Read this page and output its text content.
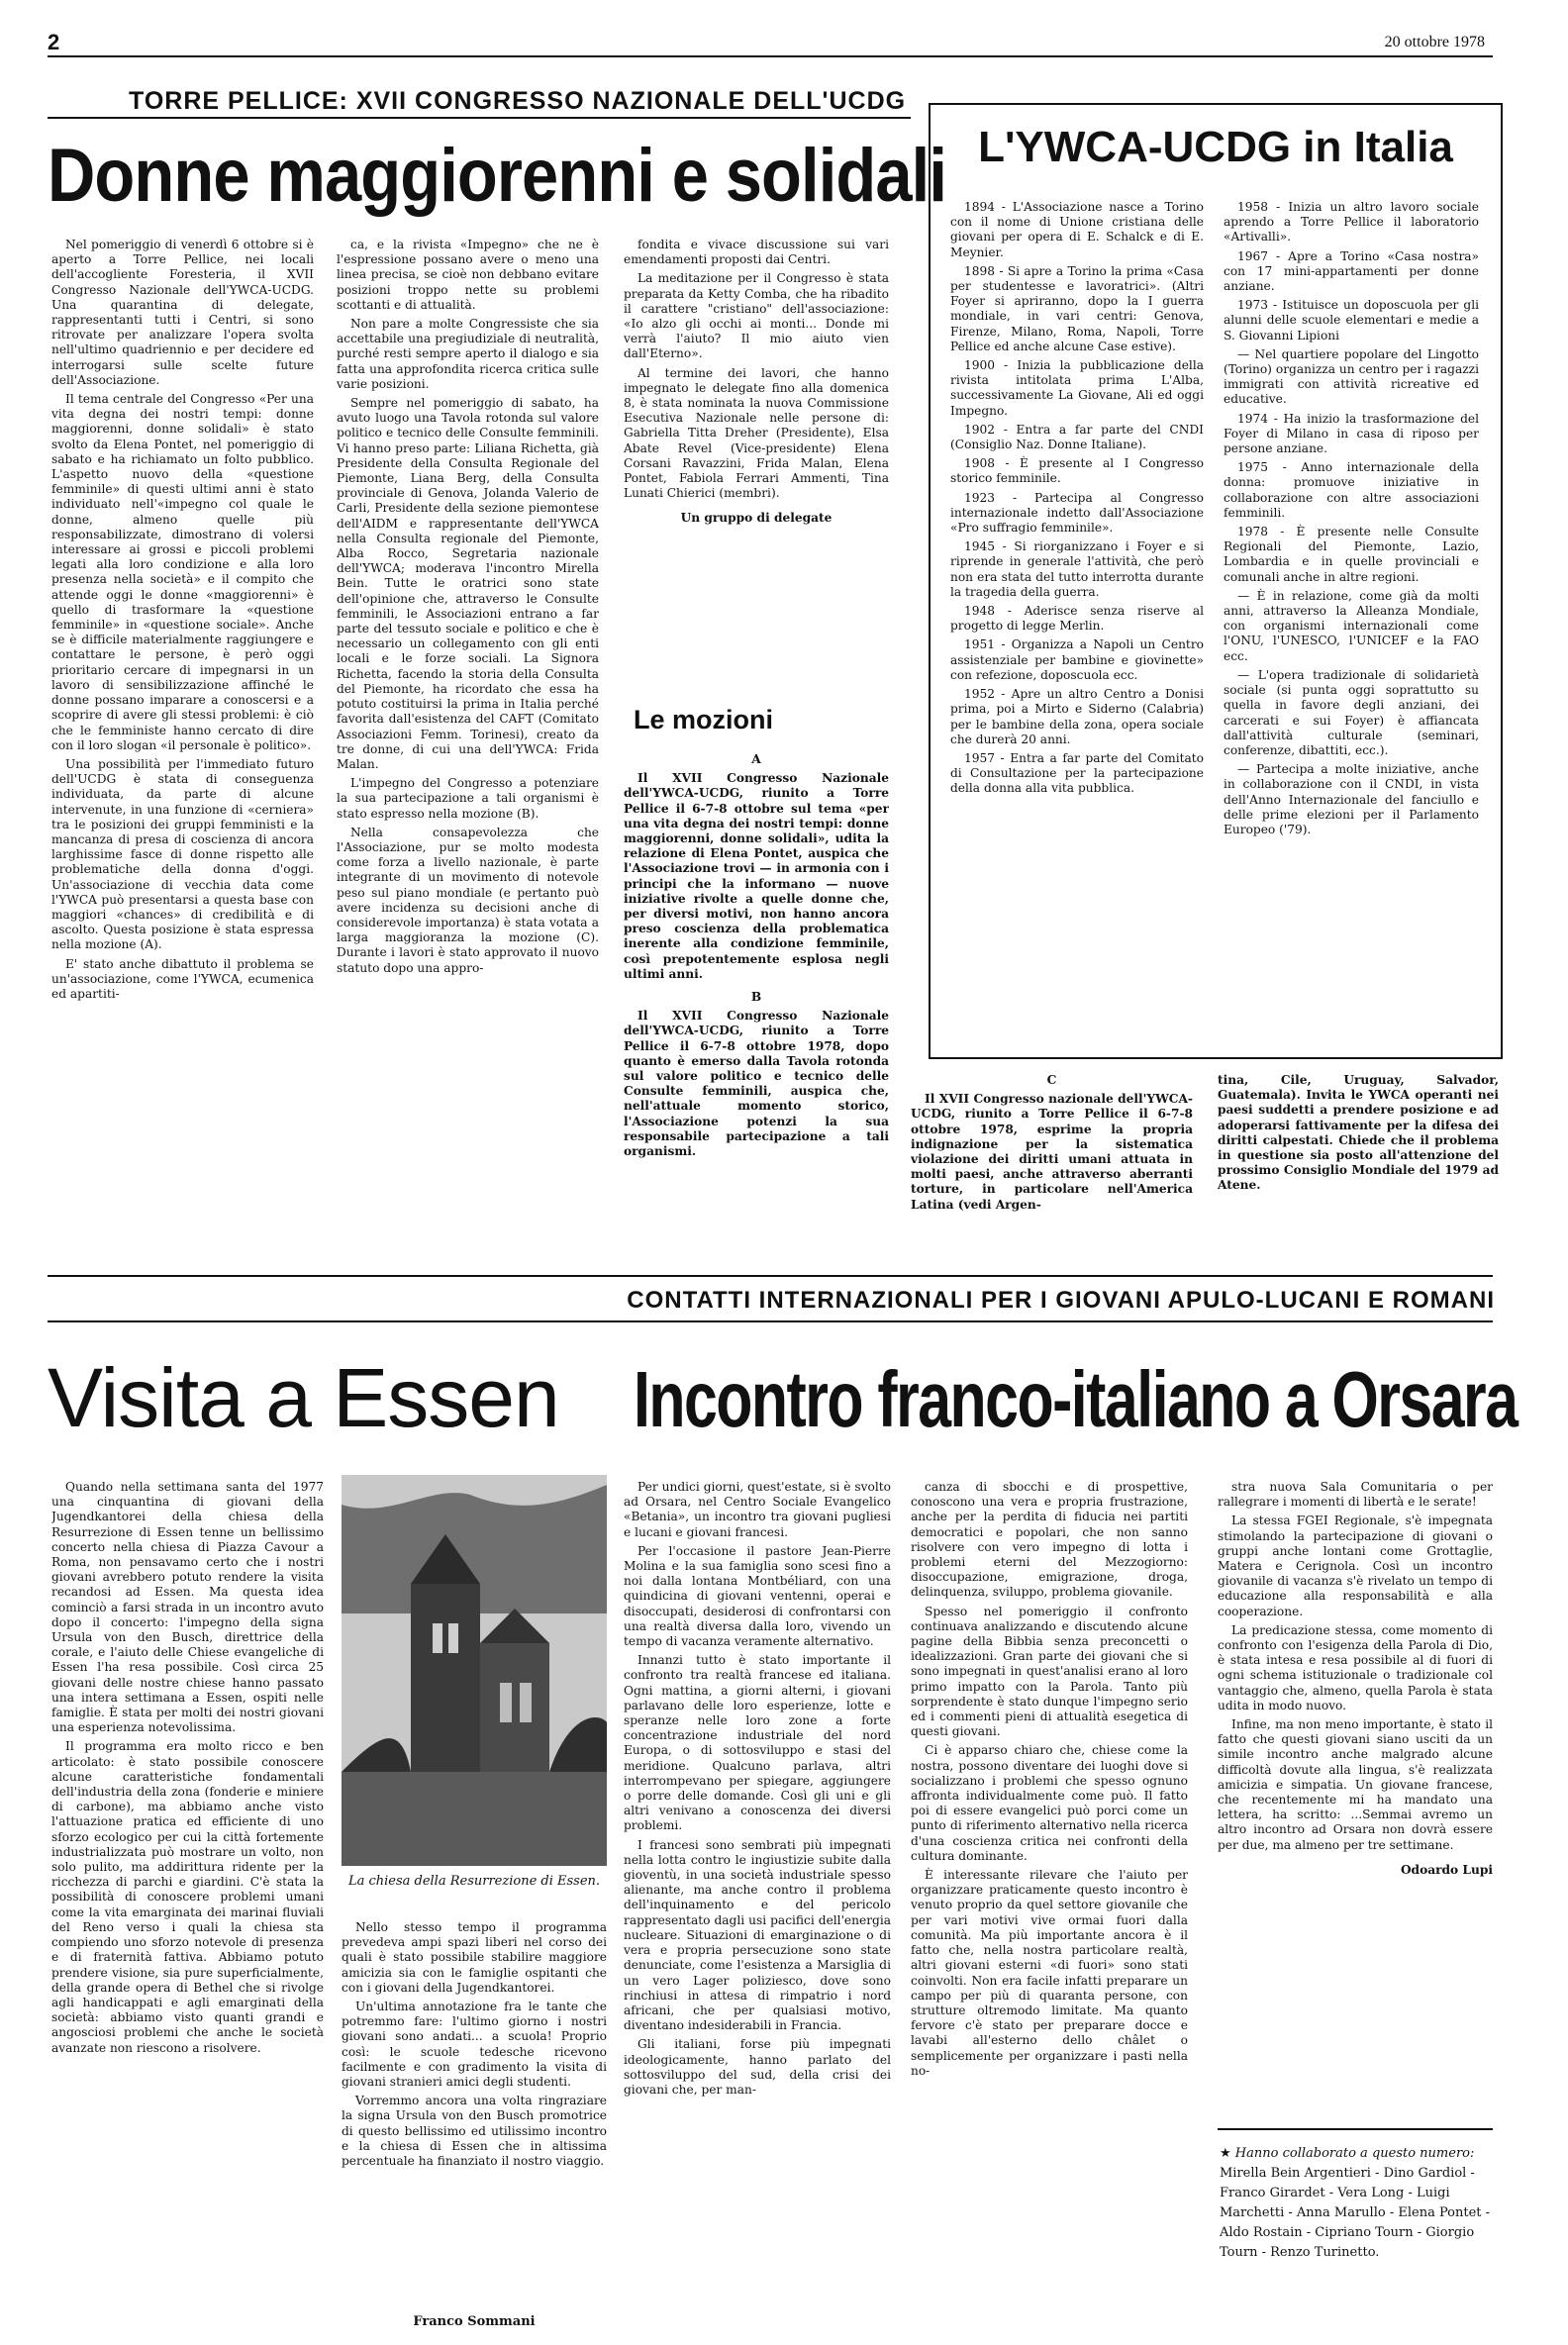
2	20 ottobre 1978
TORRE PELLICE: XVII CONGRESSO NAZIONALE DELL'UCDG
Donne maggiorenni e solidali

Nel pomeriggio di venerdì 6 ottobre si è aperto a Torre Pellice, nei locali dell'accogliente Foresteria, il XVII Congresso Nazionale dell'YWCA-UCDG. Una quarantina di delegate, rappresentanti tutti i Centri, si sono ritrovate per analizzare l'opera svolta nell'ultimo quadriennio e per decidere ed interrogarsi sulle scelte future dell'Associazione.

Il tema centrale del Congresso «Per una vita degna dei nostri tempi: donne maggiorenni, donne solidali» è stato svolto da Elena Pontet, nel pomeriggio di sabato e ha richiamato un folto pubblico. L'aspetto nuovo della «questione femminile» di questi ultimi anni è stato individuato nell'«impegno col quale le donne, almeno quelle più responsabilizzate, dimostrano di volersi interessare ai grossi e piccoli problemi legati alla loro condizione e alla loro presenza nella società» e il compito che attende oggi le donne «maggiorenni» è quello di trasformare la «questione femminile» in «questione sociale». Anche se è difficile materialmente raggiungere e contattare le persone, è però oggi prioritario cercare di impegnarsi in un lavoro di sensibilizzazione affinché le donne possano imparare a conoscersi e a scoprire di avere gli stessi problemi: è ciò che le femministe hanno cercato di dire con il loro slogan «il personale è politico».

Una possibilità per l'immediato futuro dell'UCDG è stata di conseguenza individuata, da parte di alcune intervenute, in una funzione di «cerniera» tra le posizioni dei gruppi femministi e la mancanza di presa di coscienza di ancora larghissime fasce di donne rispetto alle problematiche della donna d'oggi. Un'associazione di vecchia data come l'YWCA può presentarsi a questa base con maggiori «chances» di credibilità e di ascolto. Questa posizione è stata espressa nella mozione (A).

E' stato anche dibattuto il problema se un'associazione, come l'YWCA, ecumenica ed apartiti-

ca, e la rivista «Impegno» che ne è l'espressione possano avere o meno una linea precisa, se cioè non debbano evitare posizioni troppo nette su problemi scottanti e di attualità.

Non pare a molte Congressiste che sia accettabile una pregiudiziale di neutralità, purché resti sempre aperto il dialogo e sia fatta una approfondita ricerca critica sulle varie posizioni.

Sempre nel pomeriggio di sabato, ha avuto luogo una Tavola rotonda sul valore politico e tecnico delle Consulte femminili. Vi hanno preso parte: Liliana Richetta, già Presidente della Consulta Regionale del Piemonte, Liana Berg, della Consulta provinciale di Genova, Jolanda Valerio de Carli, Presidente della sezione piemontese dell'AIDM e rappresentante dell'YWCA nella Consulta regionale del Piemonte, Alba Rocco, Segretaria nazionale dell'YWCA; moderava l'incontro Mirella Bein. Tutte le oratrici sono state dell'opinione che, attraverso le Consulte femminili, le Associazioni entrano a far parte del tessuto sociale e politico e che è necessario un collegamento con gli enti locali e le forze sociali. La Signora Richetta, facendo la storia della Consulta del Piemonte, ha ricordato che essa ha potuto costituirsi la prima in Italia perché favorita dall'esistenza del CAFT (Comitato Associazioni Femm. Torinesi), creato da tre donne, di cui una dell'YWCA: Frida Malan.

L'impegno del Congresso a potenziare la sua partecipazione a tali organismi è stato espresso nella mozione (B).

Nella consapevolezza che l'Associazione, pur se molto modesta come forza a livello nazionale, è parte integrante di un movimento di notevole peso sul piano mondiale (e pertanto può avere incidenza su decisioni anche di considerevole importanza) è stata votata a larga maggioranza la mozione (C). Durante i lavori è stato approvato il nuovo statuto dopo una appro-

fondita e vivace discussione sui vari emendamenti proposti dai Centri.

La meditazione per il Congresso è stata preparata da Ketty Comba, che ha ribadito il carattere "cristiano" dell'associazione: «Io alzo gli occhi ai monti... Donde mi verrà l'aiuto? Il mio aiuto vien dall'Eterno».

Al termine dei lavori, che hanno impegnato le delegate fino alla domenica 8, è stata nominata la nuova Commissione Esecutiva Nazionale nelle persone di: Gabriella Titta Dreher (Presidente), Elsa Abate Revel (Vice-presidente) Elena Corsani Ravazzini, Frida Malan, Elena Pontet, Fabiola Ferrari Ammenti, Tina Lunati Chierici (membri).

Un gruppo di delegate

Le mozioni

A

Il XVII Congresso Nazionale dell'YWCA-UCDG, riunito a Torre Pellice il 6-7-8 ottobre sul tema «per una vita degna dei nostri tempi: donne maggiorenni, donne solidali», udita la relazione di Elena Pontet, auspica che l'Associazione trovi — in armonia con i principi che la informano — nuove iniziative rivolte a quelle donne che, per diversi motivi, non hanno ancora preso coscienza della problematica inerente alla condizione femminile, così prepotentemente esplosa negli ultimi anni.

B

Il XVII Congresso Nazionale dell'YWCA-UCDG, riunito a Torre Pellice il 6-7-8 ottobre 1978, dopo quanto è emerso dalla Tavola rotonda sul valore politico e tecnico delle Consulte femminili, auspica che, nell'attuale momento storico, l'Associazione potenzi la sua responsabile partecipazione a tali organismi.

L'YWCA-UCDG in Italia

1894 - L'Associazione nasce a Torino con il nome di Unione cristiana delle giovani per opera di E. Schalck e di E. Meynier.

1898 - Si apre a Torino la prima «Casa per studentesse e lavoratrici». (Altri Foyer si apriranno, dopo la I guerra mondiale, in vari centri: Genova, Firenze, Milano, Roma, Napoli, Torre Pellice ed anche alcune Case estive).

1900 - Inizia la pubblicazione della rivista intitolata prima L'Alba, successivamente La Giovane, Ali ed oggi Impegno.

1902 - Entra a far parte del CNDI (Consiglio Naz. Donne Italiane).

1908 - È presente al I Congresso storico femminile.

1923 - Partecipa al Congresso internazionale indetto dall'Associazione «Pro suffragio femminile».

1945 - Si riorganizzano i Foyer e si riprende in generale l'attività, che però non era stata del tutto interrotta durante la tragedia della guerra.

1948 - Aderisce senza riserve al progetto di legge Merlin.

1951 - Organizza a Napoli un Centro assistenziale per bambine e giovinette» con refezione, doposcuola ecc.

1952 - Apre un altro Centro a Donisi prima, poi a Mirto e Siderno (Calabria) per le bambine della zona, opera sociale che durerà 20 anni.

1957 - Entra a far parte del Comitato di Consultazione per la partecipazione della donna alla vita pubblica.

1958 - Inizia un altro lavoro sociale aprendo a Torre Pellice il laboratorio «Artivalli».

1967 - Apre a Torino «Casa nostra» con 17 mini-appartamenti per donne anziane.

1973 - Istituisce un doposcuola per gli alunni delle scuole elementari e medie a S. Giovanni Lipioni

— Nel quartiere popolare del Lingotto (Torino) organizza un centro per i ragazzi immigrati con attività ricreative ed educative.

1974 - Ha inizio la trasformazione del Foyer di Milano in casa di riposo per persone anziane.

1975 - Anno internazionale della donna: promuove iniziative in collaborazione con altre associazioni femminili.

1978 - È presente nelle Consulte Regionali del Piemonte, Lazio, Lombardia e in quelle provinciali e comunali anche in altre regioni.

— È in relazione, come già da molti anni, attraverso la Alleanza Mondiale, con organismi internazionali come l'ONU, l'UNESCO, l'UNICEF e la FAO ecc.

— L'opera tradizionale di solidarietà sociale (si punta oggi soprattutto su quella in favore degli anziani, dei carcerati e sui Foyer) è affiancata dall'attività culturale (seminari, conferenze, dibattiti, ecc.).

— Partecipa a molte iniziative, anche in collaborazione con il CNDI, in vista dell'Anno Internazionale del fanciullo e delle prime elezioni per il Parlamento Europeo ('79).

C

Il XVII Congresso nazionale dell'YWCA-UCDG, riunito a Torre Pellice il 6-7-8 ottobre 1978, esprime la propria indignazione per la sistematica violazione dei diritti umani attuata in molti paesi, anche attraverso aberranti torture, in particolare nell'America Latina (vedi Argen-

tina, Cile, Uruguay, Salvador, Guatemala). Invita le YWCA operanti nei paesi suddetti a prendere posizione e ad adoperarsi fattivamente per la difesa dei diritti calpestati. Chiede che il problema in questione sia posto all'attenzione del prossimo Consiglio Mondiale del 1979 ad Atene.

CONTATTI INTERNAZIONALI PER I GIOVANI APULO-LUCANI E ROMANI
Visita a Essen

Quando nella settimana santa del 1977 una cinquantina di giovani della Jugendkantorei della chiesa della Resurrezione di Essen tenne un bellissimo concerto nella chiesa di Piazza Cavour a Roma, non pensavamo certo che i nostri giovani avrebbero potuto rendere la visita recandosi ad Essen. Ma questa idea cominciò a farsi strada in un incontro avuto dopo il concerto: l'impegno della signa Ursula von den Busch, direttrice della corale, e l'aiuto delle Chiese evangeliche di Essen l'ha resa possibile. Così circa 25 giovani delle nostre chiese hanno passato una intera settimana a Essen, ospiti nelle famiglie. È stata per molti dei nostri giovani una esperienza notevolissima.

Il programma era molto ricco e ben articolato: è stato possibile conoscere alcune caratteristiche fondamentali dell'industria della zona (fonderie e miniere di carbone), ma abbiamo anche visto l'attuazione pratica ed efficiente di uno sforzo ecologico per cui la città fortemente industrializzata può mostrare un volto, non solo pulito, ma addirittura ridente per la ricchezza di parchi e giardini. C'è stata la possibilità di conoscere problemi umani come la vita emarginata dei marinai fluviali del Reno verso i quali la chiesa sta compiendo uno sforzo notevole di presenza e di fraternità fattiva. Abbiamo potuto prendere visione, sia pure superficialmente, della grande opera di Bethel che si rivolge agli handicappati e agli emarginati della società: abbiamo visto quanti grandi e angosciosi problemi che anche le società avanzate non riescono a risolvere.

La chiesa della Resurrezione di Essen.

Nello stesso tempo il programma prevedeva ampi spazi liberi nel corso dei quali è stato possibile stabilire maggiore amicizia sia con le famiglie ospitanti che con i giovani della Jugendkantorei.

Un'ultima annotazione fra le tante che potremmo fare: l'ultimo giorno i nostri giovani sono andati... a scuola! Proprio così: le scuole tedesche ricevono facilmente e con gradimento la visita di giovani stranieri amici degli studenti.

Vorremmo ancora una volta ringraziare la signa Ursula von den Busch promotrice di questo bellissimo ed utilissimo incontro e la chiesa di Essen che in altissima percentuale ha finanziato il nostro viaggio.

Franco Sommani
Incontro franco-italiano a Orsara

Per undici giorni, quest'estate, si è svolto ad Orsara, nel Centro Sociale Evangelico «Betania», un incontro tra giovani pugliesi e lucani e giovani francesi.

Per l'occasione il pastore Jean-Pierre Molina e la sua famiglia sono scesi fino a noi dalla lontana Montbéliard, con una quindicina di giovani ventenni, operai e disoccupati, desiderosi di confrontarsi con una realtà diversa dalla loro, vivendo un tempo di vacanza veramente alternativo.

Innanzi tutto è stato importante il confronto tra realtà francese ed italiana. Ogni mattina, a giorni alterni, i giovani parlavano delle loro esperienze, lotte e speranze nelle loro zone a forte concentrazione industriale del nord Europa, o di sottosviluppo e stasi del meridione. Qualcuno parlava, altri interrompevano per spiegare, aggiungere o porre delle domande. Così gli uni e gli altri venivano a conoscenza dei diversi problemi.

I francesi sono sembrati più impegnati nella lotta contro le ingiustizie subite dalla gioventù, in una società industriale spesso alienante, ma anche contro il problema dell'inquinamento e del pericolo rappresentato dagli usi pacifici dell'energia nucleare. Situazioni di emarginazione o di vera e propria persecuzione sono state denunciate, come l'esistenza a Marsiglia di un vero Lager poliziesco, dove sono rinchiusi in attesa di rimpatrio i nord africani, che per qualsiasi motivo, diventano indesiderabili in Francia.

Gli italiani, forse più impegnati ideologicamente, hanno parlato del sottosviluppo del sud, della crisi dei giovani che, per man-

canza di sbocchi e di prospettive, conoscono una vera e propria frustrazione, anche per la perdita di fiducia nei partiti democratici e popolari, che non sanno risolvere con vero impegno di lotta i problemi eterni del Mezzogiorno: disoccupazione, emigrazione, droga, delinquenza, sviluppo, problema giovanile.

Spesso nel pomeriggio il confronto continuava analizzando e discutendo alcune pagine della Bibbia senza preconcetti o idealizzazioni. Gran parte dei giovani che si sono impegnati in quest'analisi erano al loro primo impatto con la Parola. Tanto più sorprendente è stato dunque l'impegno serio ed i commenti pieni di attualità esegetica di questi giovani.

Ci è apparso chiaro che, chiese come la nostra, possono diventare dei luoghi dove si socializzano i problemi che spesso ognuno affronta individualmente come può. Il fatto poi di essere evangelici può porci come un punto di riferimento alternativo nella ricerca d'una coscienza critica nei confronti della cultura dominante.

È interessante rilevare che l'aiuto per organizzare praticamente questo incontro è venuto proprio da quel settore giovanile che per vari motivi vive ormai fuori dalla comunità. Ma più importante ancora è il fatto che, nella nostra particolare realtà, altri giovani esterni «di fuori» sono stati coinvolti. Non era facile infatti preparare un campo per più di quaranta persone, con strutture oltremodo limitate. Ma quanto fervore c'è stato per preparare docce e lavabi all'esterno dello châlet o semplicemente per organizzare i pasti nella no-

stra nuova Sala Comunitaria o per rallegrare i momenti di libertà e le serate!

La stessa FGEI Regionale, s'è impegnata stimolando la partecipazione di giovani o gruppi anche lontani come Grottaglie, Matera e Cerignola. Così un incontro giovanile di vacanza s'è rivelato un tempo di educazione alla responsabilità e alla cooperazione.

La predicazione stessa, come momento di confronto con l'esigenza della Parola di Dio, è stata intesa e resa possibile al di fuori di ogni schema istituzionale o tradizionale col vantaggio che, almeno, quella Parola è stata udita in modo nuovo.

Infine, ma non meno importante, è stato il fatto che questi giovani siano usciti da un simile incontro anche malgrado alcune difficoltà dovute alla lingua, s'è realizzata amicizia e simpatia. Un giovane francese, che recentemente mi ha mandato una lettera, ha scritto: ...Semmai avremo un altro incontro ad Orsara non dovrà essere per due, ma almeno per tre settimane.

Odoardo Lupi

★ Hanno collaborato a questo numero: Mirella Bein Argentieri - Dino Gardiol - Franco Girardet - Vera Long - Luigi Marchetti - Anna Marullo - Elena Pontet - Aldo Rostain - Cipriano Tourn - Giorgio Tourn - Renzo Turinetto.
